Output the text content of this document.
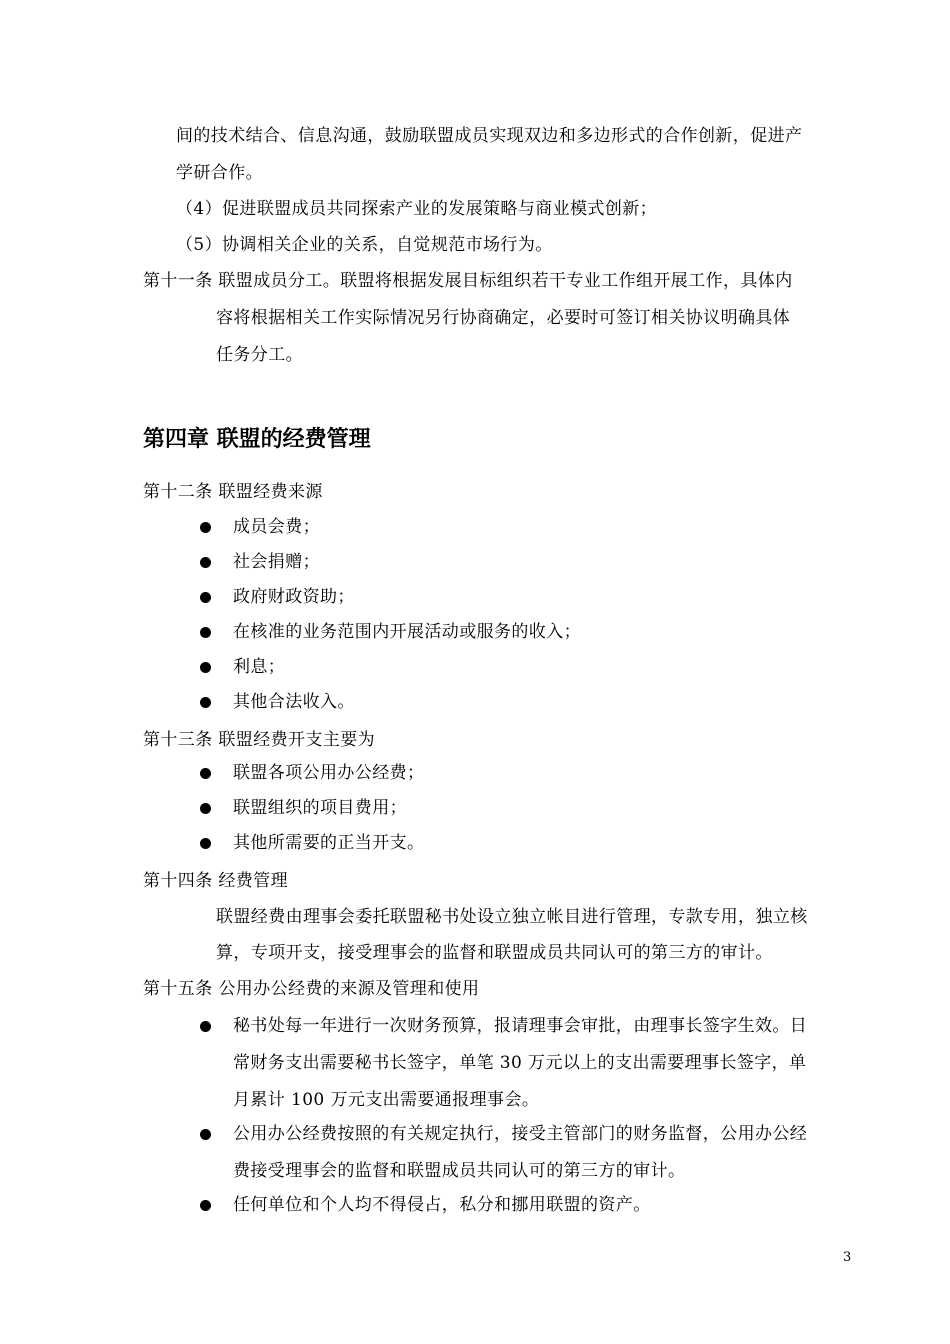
间的技术结合、信息沟通，鼓励联盟成员实现双边和多边形式的合作创新，促进产
学研合作。
（4）促进联盟成员共同探索产业的发展策略与商业模式创新；
（5）协调相关企业的关系，自觉规范市场行为。
第十一条 联盟成员分工。联盟将根据发展目标组织若干专业工作组开展工作，具体内
容将根据相关工作实际情况另行协商确定，必要时可签订相关协议明确具体
任务分工。
第四章 联盟的经费管理
第十二条 联盟经费来源
成员会费；
社会捐赠；
政府财政资助；
在核准的业务范围内开展活动或服务的收入；
利息；
其他合法收入。
第十三条 联盟经费开支主要为
联盟各项公用办公经费；
联盟组织的项目费用；
其他所需要的正当开支。
第十四条 经费管理
联盟经费由理事会委托联盟秘书处设立独立帐目进行管理，专款专用，独立核
算，专项开支，接受理事会的监督和联盟成员共同认可的第三方的审计。
第十五条 公用办公经费的来源及管理和使用
秘书处每一年进行一次财务预算，报请理事会审批，由理事长签字生效。日
常财务支出需要秘书长签字，单笔 30 万元以上的支出需要理事长签字，单
月累计 100 万元支出需要通报理事会。
公用办公经费按照的有关规定执行，接受主管部门的财务监督，公用办公经
费接受理事会的监督和联盟成员共同认可的第三方的审计。
任何单位和个人均不得侵占，私分和挪用联盟的资产。
3
